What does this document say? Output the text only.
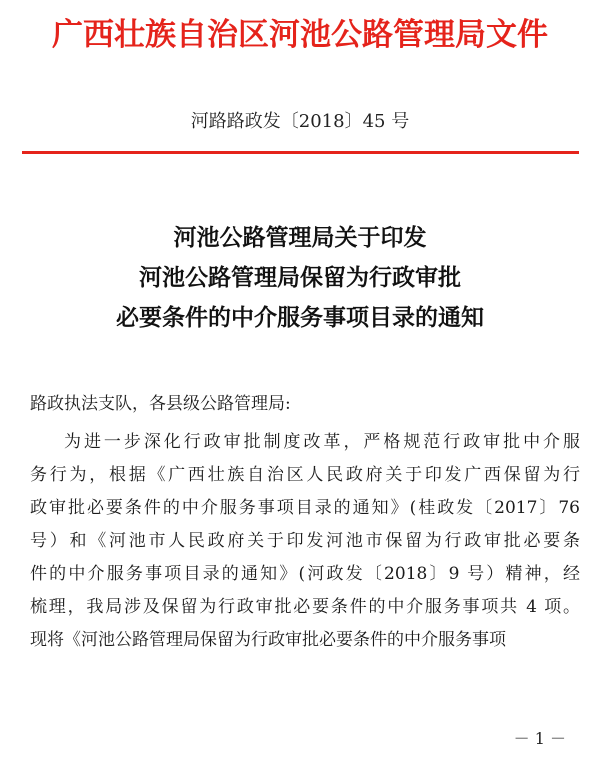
广西壮族自治区河池公路管理局文件
河路路政发〔2018〕45 号
河池公路管理局关于印发
河池公路管理局保留为行政审批
必要条件的中介服务事项目录的通知
路政执法支队，各县级公路管理局:
为进一步深化行政审批制度改革，严格规范行政审批中介服
务行为，根据《广西壮族自治区人民政府关于印发广西保留为行
政审批必要条件的中介服务事项目录的通知》(桂政发〔2017〕76
号）和《河池市人民政府关于印发河池市保留为行政审批必要条
件的中介服务事项目录的通知》(河政发〔2018〕9 号）精神，经
梳理，我局涉及保留为行政审批必要条件的中介服务事项共 4 项。
现将《河池公路管理局保留为行政审批必要条件的中介服务事项
－ 1 －
